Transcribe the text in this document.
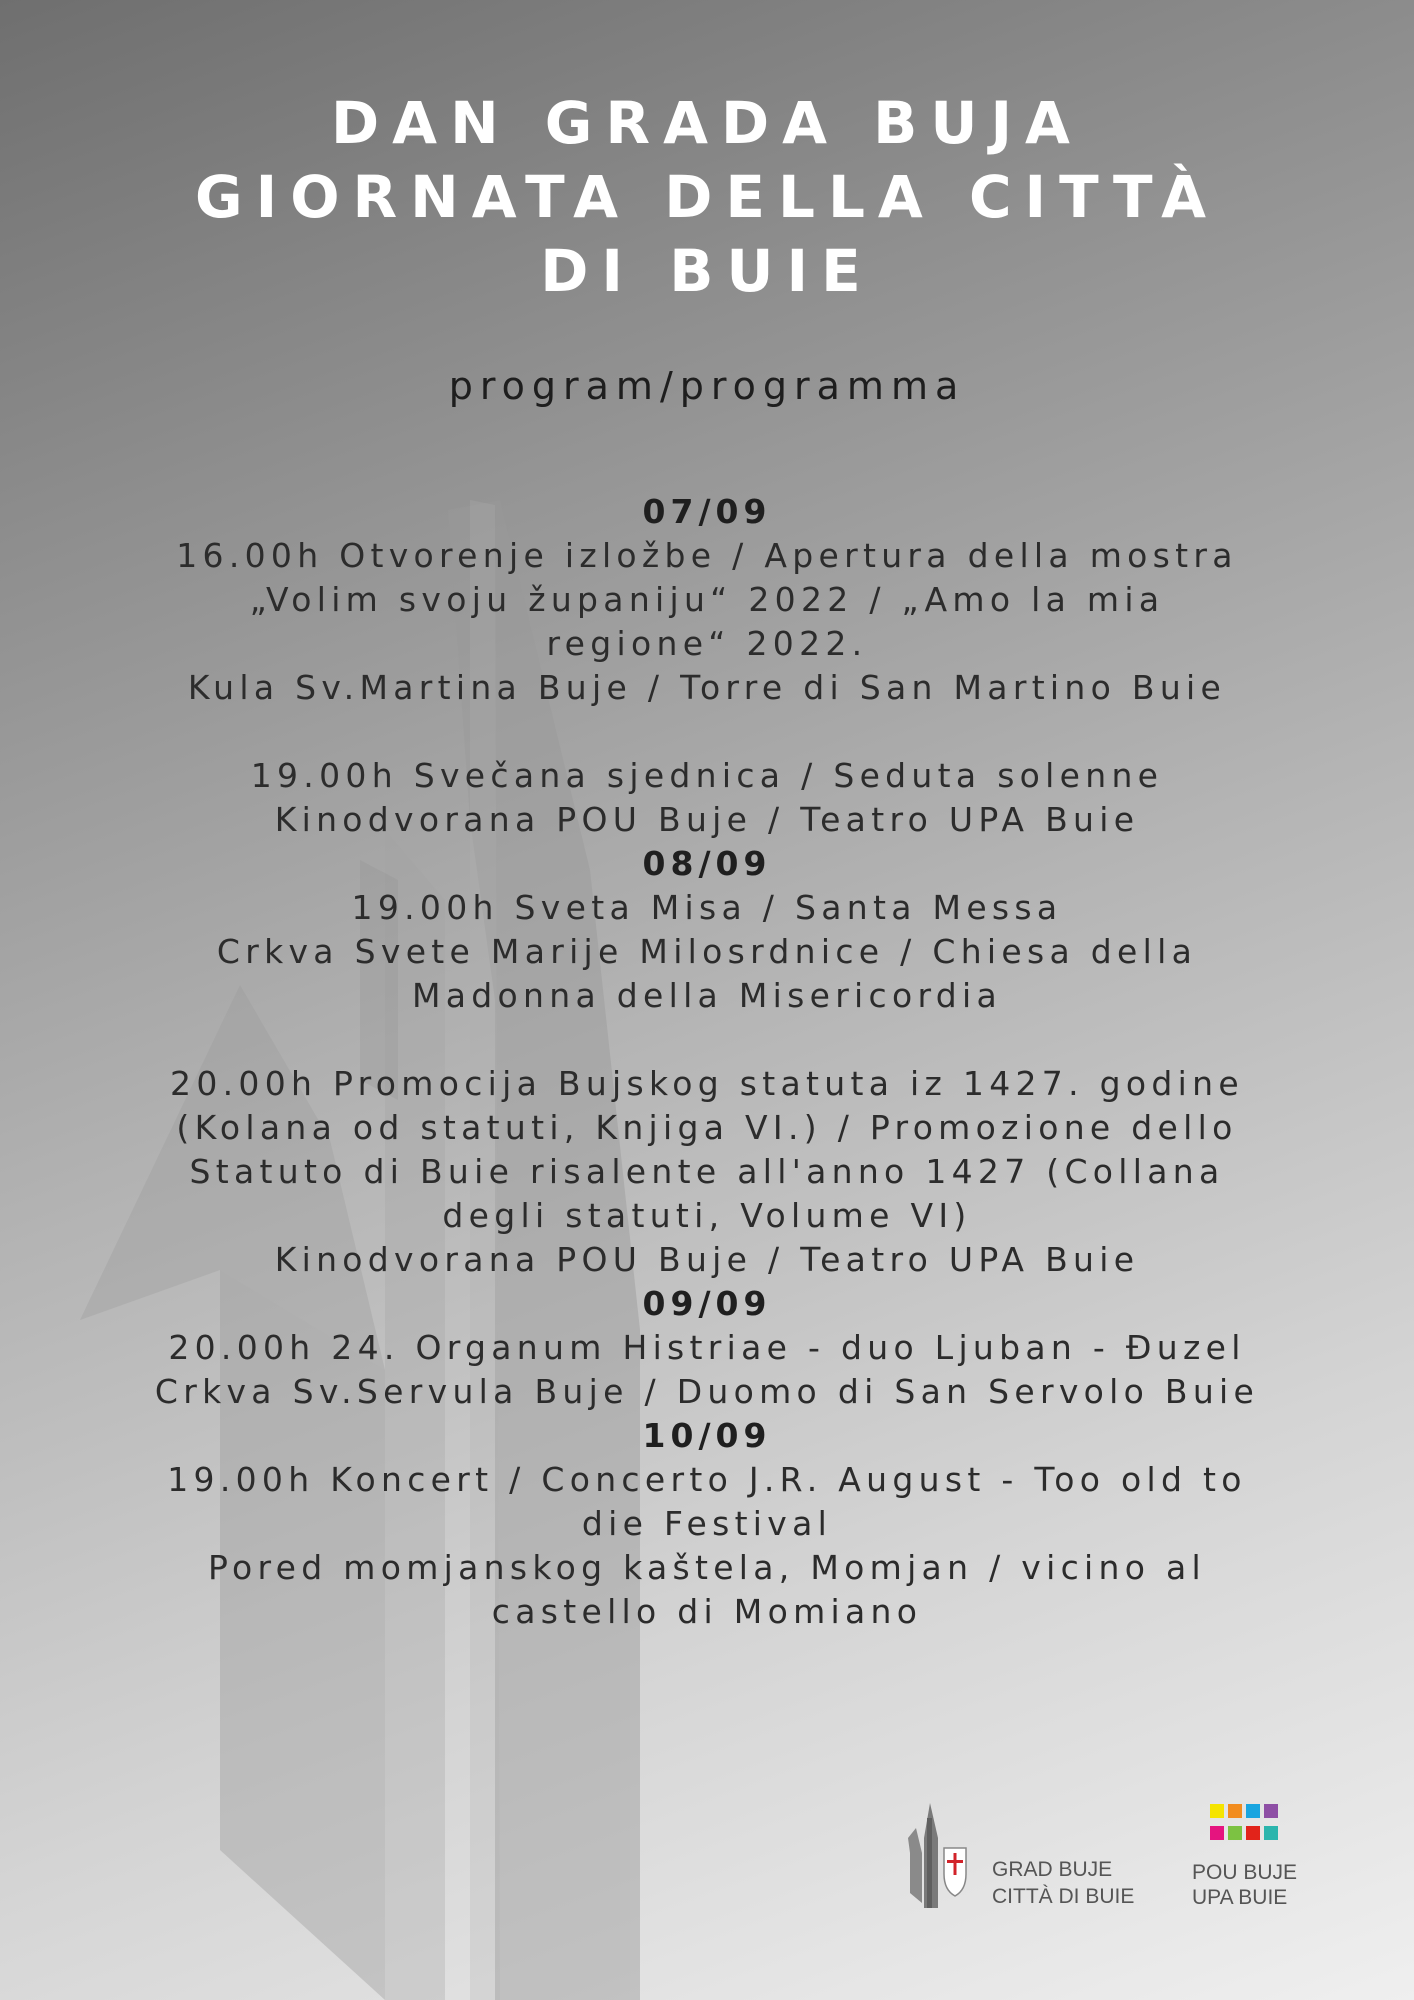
DAN GRADA BUJA
GIORNATA DELLA CITTÀ
DI BUIE
program/programma
07/09
16.00h Otvorenje izložbe / Apertura della mostra
„Volim svoju županiju“ 2022 / „Amo la mia
regione“ 2022.
Kula Sv.Martina Buje / Torre di San Martino Buie
19.00h Svečana sjednica / Seduta solenne
Kinodvorana POU Buje / Teatro UPA Buie
08/09
19.00h Sveta Misa / Santa Messa
Crkva Svete Marije Milosrdnice / Chiesa della
Madonna della Misericordia
20.00h Promocija Bujskog statuta iz 1427. godine
(Kolana od statuti, Knjiga VI.) / Promozione dello
Statuto di Buie risalente all'anno 1427 (Collana
degli statuti, Volume VI)
Kinodvorana POU Buje / Teatro UPA Buie
09/09
20.00h 24. Organum Histriae - duo Ljuban - Đuzel
Crkva Sv.Servula Buje / Duomo di San Servolo Buie
10/09
19.00h Koncert / Concerto J.R. August - Too old to
die Festival
Pored momjanskog kaštela, Momjan / vicino al
castello di Momiano
GRAD BUJE
CITTÀ DI BUIE
POU BUJE
UPA BUIE
